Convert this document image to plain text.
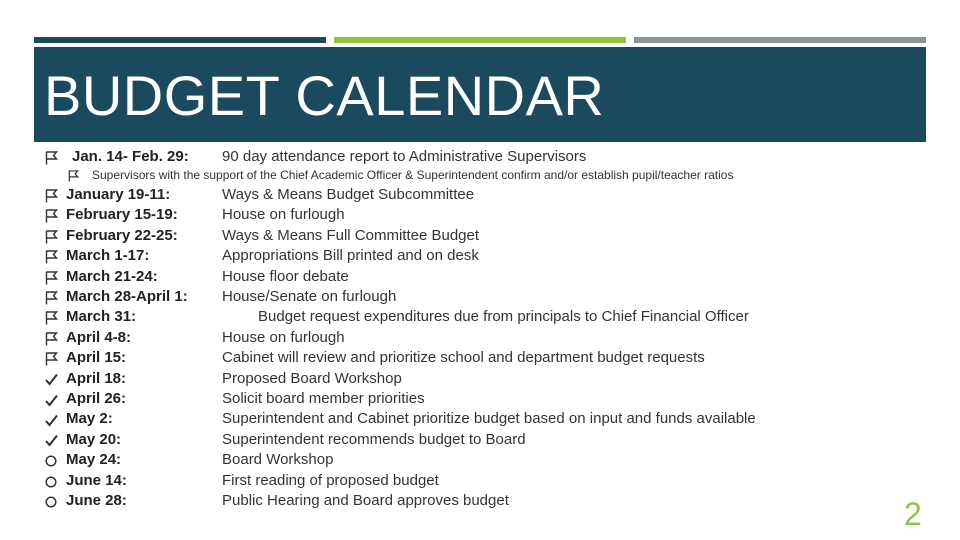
BUDGET CALENDAR
Jan. 14- Feb. 29: 90 day attendance report to Administrative Supervisors
Supervisors with the support of the Chief Academic Officer & Superintendent confirm and/or establish pupil/teacher ratios
January 19-11:	Ways & Means Budget Subcommittee
February 15-19:	House on furlough
February 22-25:	Ways & Means Full Committee Budget
March 1-17:	Appropriations Bill printed and on desk
March 21-24:	House floor debate
March 28-April 1: House/Senate on furlough
March 31:	Budget request expenditures due from principals to Chief Financial Officer
April 4-8:	House on furlough
April 15:	Cabinet will review and prioritize school and department budget requests
April 18:	Proposed Board Workshop
April 26:	Solicit board member priorities
May 2:	Superintendent and Cabinet prioritize budget based on input and funds available
May 20:	Superintendent recommends budget to Board
May 24:	Board Workshop
June 14:	First reading of proposed budget
June 28:	Public Hearing and Board approves budget	2
